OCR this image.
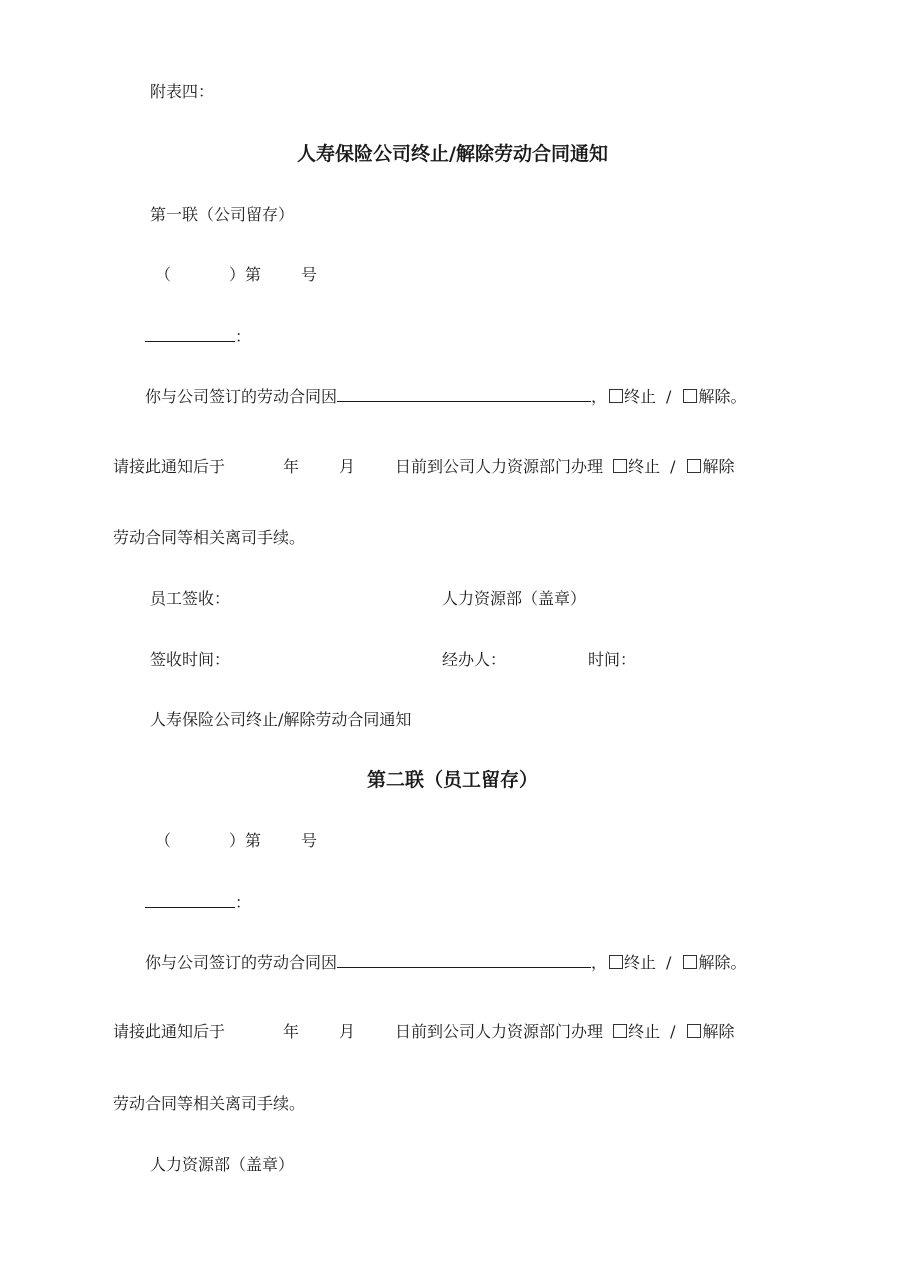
附表四：
人寿保险公司终止/解除劳动合同通知
第一联（公司留存）
（	）第	号
：
你与公司签订的劳动合同因	， 终止 / 解除。
请接此通知后于	年	月	日前到公司人力资源部门办理 终止 / 解除
劳动合同等相关离司手续。
员工签收：	人力资源部（盖章）
签收时间：	经办人：	时间：
人寿保险公司终止/解除劳动合同通知
第二联（员工留存）
（	）第	号
：
你与公司签订的劳动合同因	， 终止 / 解除。
请接此通知后于	年	月	日前到公司人力资源部门办理 终止 / 解除
劳动合同等相关离司手续。
人力资源部（盖章）
